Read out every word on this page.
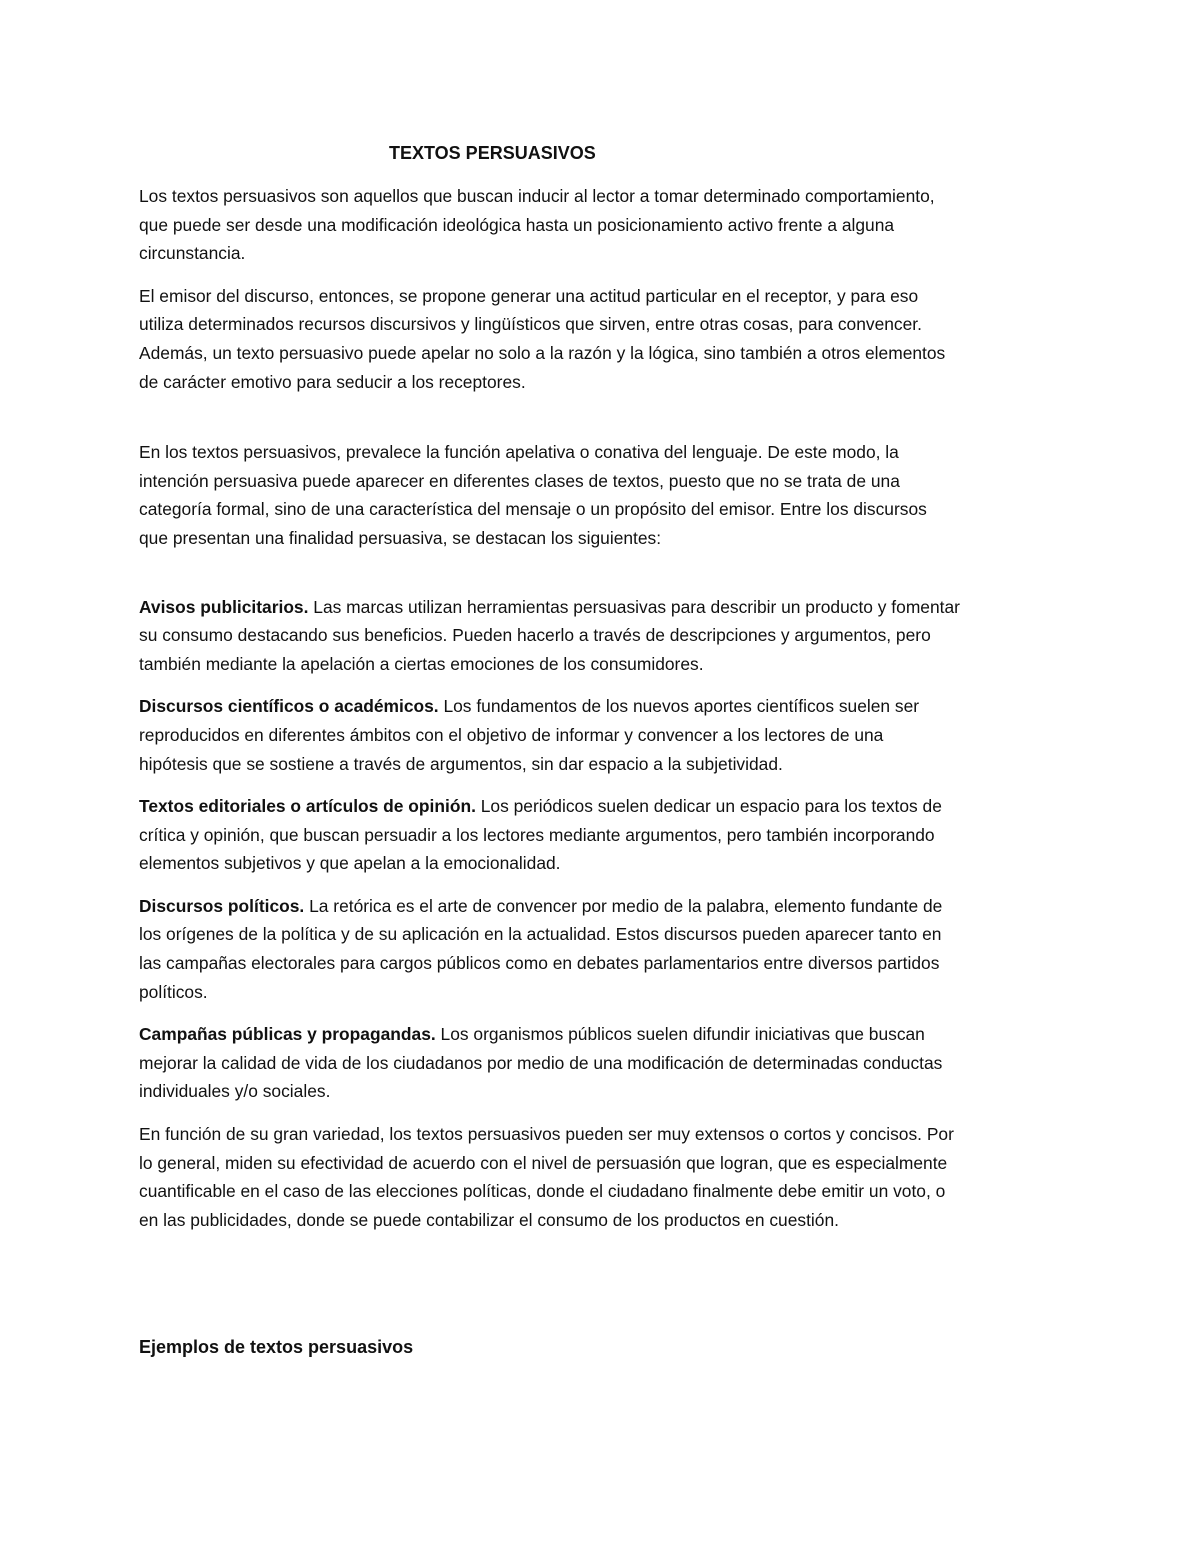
TEXTOS PERSUASIVOS

Los textos persuasivos son aquellos que buscan inducir al lector a tomar determinado comportamiento,
que puede ser desde una modificación ideológica hasta un posicionamiento activo frente a alguna
circunstancia.

El emisor del discurso, entonces, se propone generar una actitud particular en el receptor, y para eso
utiliza determinados recursos discursivos y lingüísticos que sirven, entre otras cosas, para convencer.
Además, un texto persuasivo puede apelar no solo a la razón y la lógica, sino también a otros elementos
de carácter emotivo para seducir a los receptores.

En los textos persuasivos, prevalece la función apelativa o conativa del lenguaje. De este modo, la
intención persuasiva puede aparecer en diferentes clases de textos, puesto que no se trata de una
categoría formal, sino de una característica del mensaje o un propósito del emisor. Entre los discursos
que presentan una finalidad persuasiva, se destacan los siguientes:

Avisos publicitarios. Las marcas utilizan herramientas persuasivas para describir un producto y fomentar
su consumo destacando sus beneficios. Pueden hacerlo a través de descripciones y argumentos, pero
también mediante la apelación a ciertas emociones de los consumidores.

Discursos científicos o académicos. Los fundamentos de los nuevos aportes científicos suelen ser
reproducidos en diferentes ámbitos con el objetivo de informar y convencer a los lectores de una
hipótesis que se sostiene a través de argumentos, sin dar espacio a la subjetividad.

Textos editoriales o artículos de opinión. Los periódicos suelen dedicar un espacio para los textos de
crítica y opinión, que buscan persuadir a los lectores mediante argumentos, pero también incorporando
elementos subjetivos y que apelan a la emocionalidad.

Discursos políticos. La retórica es el arte de convencer por medio de la palabra, elemento fundante de
los orígenes de la política y de su aplicación en la actualidad. Estos discursos pueden aparecer tanto en
las campañas electorales para cargos públicos como en debates parlamentarios entre diversos partidos
políticos.

Campañas públicas y propagandas. Los organismos públicos suelen difundir iniciativas que buscan
mejorar la calidad de vida de los ciudadanos por medio de una modificación de determinadas conductas
individuales y/o sociales.

En función de su gran variedad, los textos persuasivos pueden ser muy extensos o cortos y concisos. Por
lo general, miden su efectividad de acuerdo con el nivel de persuasión que logran, que es especialmente
cuantificable en el caso de las elecciones políticas, donde el ciudadano finalmente debe emitir un voto, o
en las publicidades, donde se puede contabilizar el consumo de los productos en cuestión.

Ejemplos de textos persuasivos
